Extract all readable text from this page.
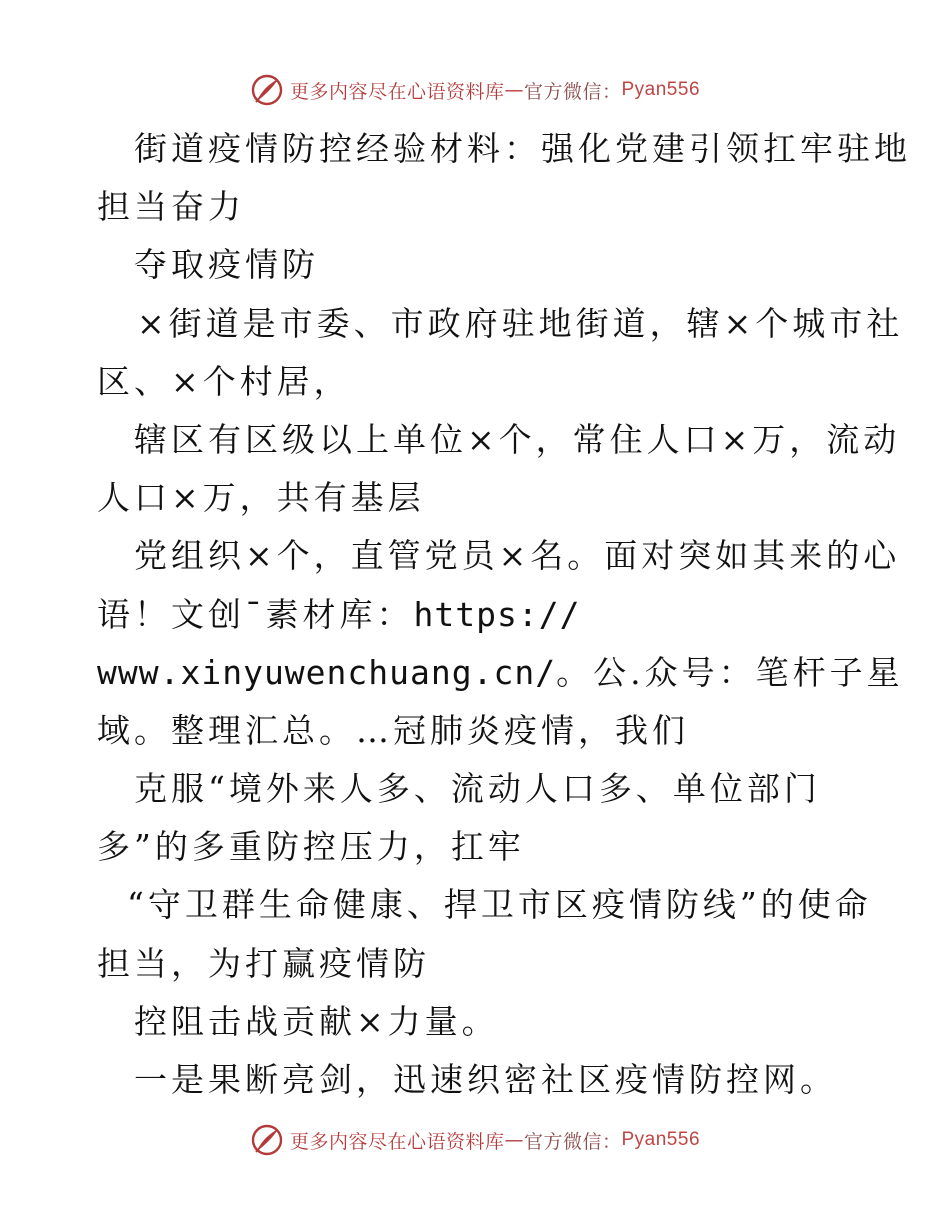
更多内容尽在心语资料库 — 官方微信： Pyan556
街道疫情防控经验材料：强化党建引领扛牢驻地
担当奋力
夺取疫情防
×街道是市委、市政府驻地街道，辖×个城市社
区、×个村居，
辖区有区级以上单位×个，常住人口×万，流动
人口×万，共有基层
党组织×个，直管党员×名。面对突如其来的心
语！文创¯素材库：https://
www.xinyuwenchuang.cn/。公.众号：笔杆子星
域。整理汇总。…冠肺炎疫情，我们
克服“境外来人多、流动人口多、单位部门
多”的多重防控压力，扛牢
“守卫群生命健康、捍卫市区疫情防线”的使命
担当，为打赢疫情防
控阻击战贡献×力量。
一是果断亮剑，迅速织密社区疫情防控网。
更多内容尽在心语资料库 — 官方微信： Pyan556
